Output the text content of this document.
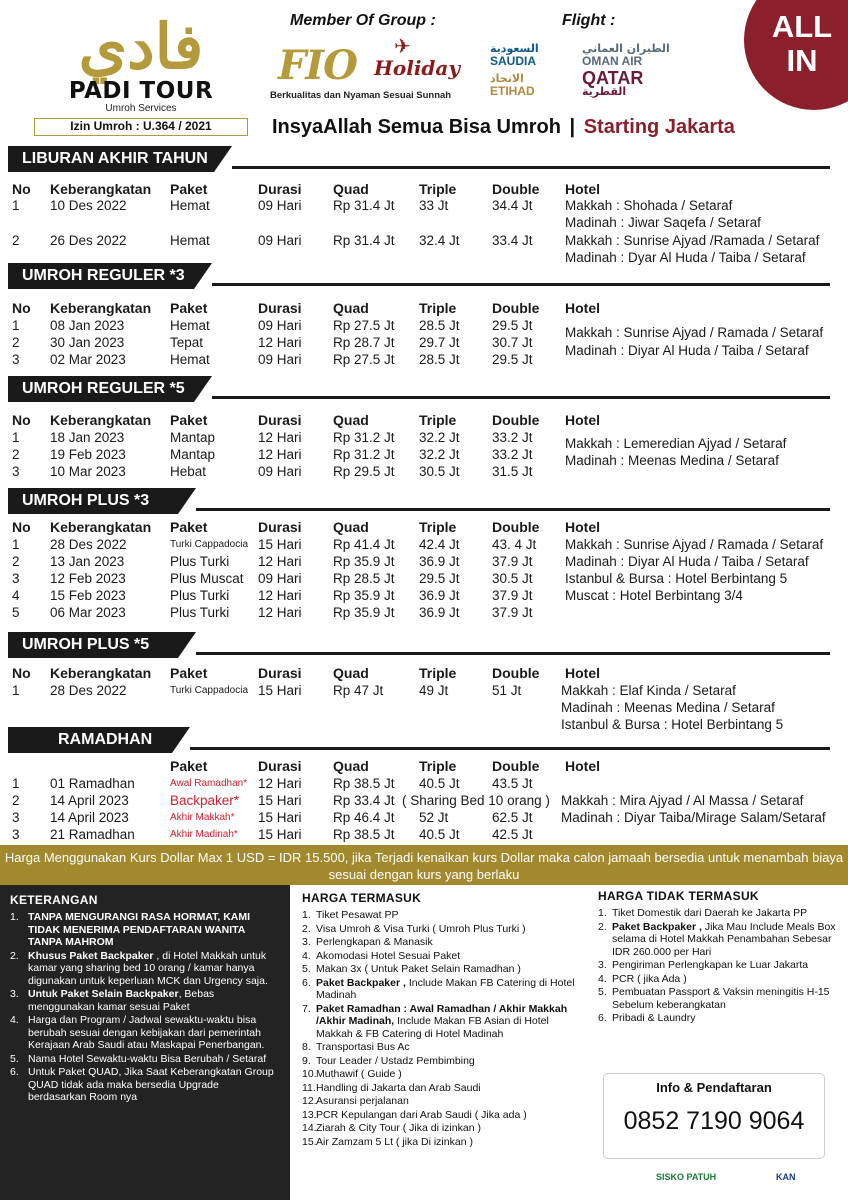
فادي
PADI TOUR
Umroh Services
Izin Umroh : U.364 / 2021
Member Of Group :
FIO ✈
Holiday
Berkualitas dan Nyaman Sesuai Sunnah
Flight :
السعودية
SAUDIA
الطيران العماني
OMAN AIR
الاتحاد
ETIHAD
QATAR
القطرية
ALL IN
InsyaAllah Semua Bisa Umroh | Starting Jakarta
LIBURAN AKHIR TAHUN
No Keberangkatan Paket	Durasi Quad	Triple	Double Hotel
1 10 Des 2022	Hemat	09 Hari Rp 31.4 Jt 33 Jt	34.4 Jt Makkah : Shohada / Setaraf
Madinah : Jiwar Saqefa / Setaraf
2 26 Des 2022	Hemat	09 Hari Rp 31.4 Jt 32.4 Jt 33.4 Jt Makkah : Sunrise Ajyad /Ramada / Setaraf
Madinah : Dyar Al Huda / Taiba / Setaraf
UMROH REGULER *3
No Keberangkatan Paket	Durasi Quad	Triple	Double Hotel
1 08 Jan 2023	Hemat	09 Hari Rp 27.5 Jt 28.5 Jt 29.5 Jt
2 30 Jan 2023	Tepat	12 Hari Rp 28.7 Jt 29.7 Jt 30.7 Jt
3 02 Mar 2023	Hemat	09 Hari Rp 27.5 Jt 28.5 Jt 29.5 Jt
Makkah : Sunrise Ajyad / Ramada / Setaraf
Madinah : Diyar Al Huda / Taiba / Setaraf
UMROH REGULER *5
No Keberangkatan Paket	Durasi Quad	Triple	Double Hotel
1 18 Jan 2023	Mantap	12 Hari Rp 31.2 Jt 32.2 Jt 33.2 Jt
2 19 Feb 2023	Mantap	12 Hari Rp 31.2 Jt 32.2 Jt 33.2 Jt
3 10 Mar 2023	Hebat	09 Hari Rp 29.5 Jt 30.5 Jt 31.5 Jt
Makkah : Lemeredian Ajyad / Setaraf
Madinah : Meenas Medina / Setaraf
UMROH PLUS *3
No Keberangkatan Paket	Durasi Quad	Triple	Double Hotel
1 28 Des 2022	Turki Cappadocia 15 Hari Rp 41.4 Jt 42.4 Jt 43. 4 Jt Makkah : Sunrise Ajyad / Ramada / Setaraf
2 13 Jan 2023	Plus Turki 12 Hari Rp 35.9 Jt 36.9 Jt 37.9 Jt Madinah : Diyar Al Huda / Taiba / Setaraf
3 12 Feb 2023	Plus Muscat 09 Hari Rp 28.5 Jt 29.5 Jt 30.5 Jt Istanbul & Bursa : Hotel Berbintang 5
4 15 Feb 2023	Plus Turki 12 Hari Rp 35.9 Jt 36.9 Jt 37.9 Jt Muscat : Hotel Berbintang 3/4
5 06 Mar 2023	Plus Turki 12 Hari Rp 35.9 Jt 36.9 Jt 37.9 Jt
UMROH PLUS *5
No Keberangkatan Paket	Durasi Quad	Triple	Double Hotel
1 28 Des 2022	Turki Cappadocia 15 Hari Rp 47 Jt	49 Jt	51 Jt	Makkah : Elaf Kinda / Setaraf
Madinah : Meenas Medina / Setaraf
Istanbul & Bursa : Hotel Berbintang 5
RAMADHAN
Paket	Durasi Quad	Triple	Double Hotel
1 01 Ramadhan	Awal Ramadhan* 12 Hari Rp 38.5 Jt 40.5 Jt 43.5 Jt
2 14 April 2023	Backpaker* 15 Hari Rp 33.4 Jt ( Sharing Bed 10 orang )
3 14 April 2023	Akhir Makkah* 15 Hari Rp 46.4 Jt 52 Jt	62.5 Jt
3 21 Ramadhan	Akhir Madinah* 15 Hari Rp 38.5 Jt 40.5 Jt 42.5 Jt
Makkah : Mira Ajyad / Al Massa / Setaraf
Madinah : Diyar Taiba/Mirage Salam/Setaraf
Harga Menggunakan Kurs Dollar Max 1 USD = IDR 15.500, jika Terjadi kenaikan kurs Dollar maka calon jamaah bersedia untuk menambah biaya sesuai dengan kurs yang berlaku
KETERANGAN
1. TANPA MENGURANGI RASA HORMAT, KAMI TIDAK MENERIMA PENDAFTARAN WANITA TANPA MAHROM
2. Khusus Paket Backpaker , di Hotel Makkah untuk kamar yang sharing bed 10 orang / kamar hanya digunakan untuk keperluan MCK dan Urgency saja.
3. Untuk Paket Selain Backpaker, Bebas menggunakan kamar sesuai Paket
4. Harga dan Program / Jadwal sewaktu-waktu bisa berubah sesuai dengan kebijakan dari pemerintah Kerajaan Arab Saudi atau Maskapai Penerbangan.
5. Nama Hotel Sewaktu-waktu Bisa Berubah / Setaraf
6. Untuk Paket QUAD, Jika Saat Keberangkatan Group QUAD tidak ada maka bersedia Upgrade berdasarkan Room nya
HARGA TERMASUK
1. Tiket Pesawat PP
2. Visa Umroh & Visa Turki ( Umroh Plus Turki )
3. Perlengkapan & Manasik
4. Akomodasi Hotel Sesuai Paket
5. Makan 3x ( Untuk Paket Selain Ramadhan )
6. Paket Backpaker , Include Makan FB Catering di Hotel Madinah
7. Paket Ramadhan : Awal Ramadhan / Akhir Makkah /Akhir Madinah, Include Makan FB Asian di Hotel Makkah & FB Catering di Hotel Madinah
8. Transportasi Bus Ac
9. Tour Leader / Ustadz Pembimbing
10. Muthawif ( Guide )
11. Handling di Jakarta dan Arab Saudi
12. Asuransi perjalanan
13. PCR Kepulangan dari Arab Saudi ( Jika ada )
14. Ziarah & City Tour ( Jika di izinkan )
15. Air Zamzam 5 Lt ( jika Di izinkan )
HARGA TIDAK TERMASUK
1. Tiket Domestik dari Daerah ke Jakarta PP
2. Paket Backpaker , Jika Mau Include Meals Box selama di Hotel Makkah Penambahan Sebesar IDR 260.000 per Hari
3. Pengiriman Perlengkapan ke Luar Jakarta
4. PCR ( jika Ada )
5. Pembuatan Passport & Vaksin meningitis H-15 Sebelum keberangkatan
6. Pribadi & Laundry
Info & Pendaftaran
0852 7190 9064
SISKO PATUH	KAN
